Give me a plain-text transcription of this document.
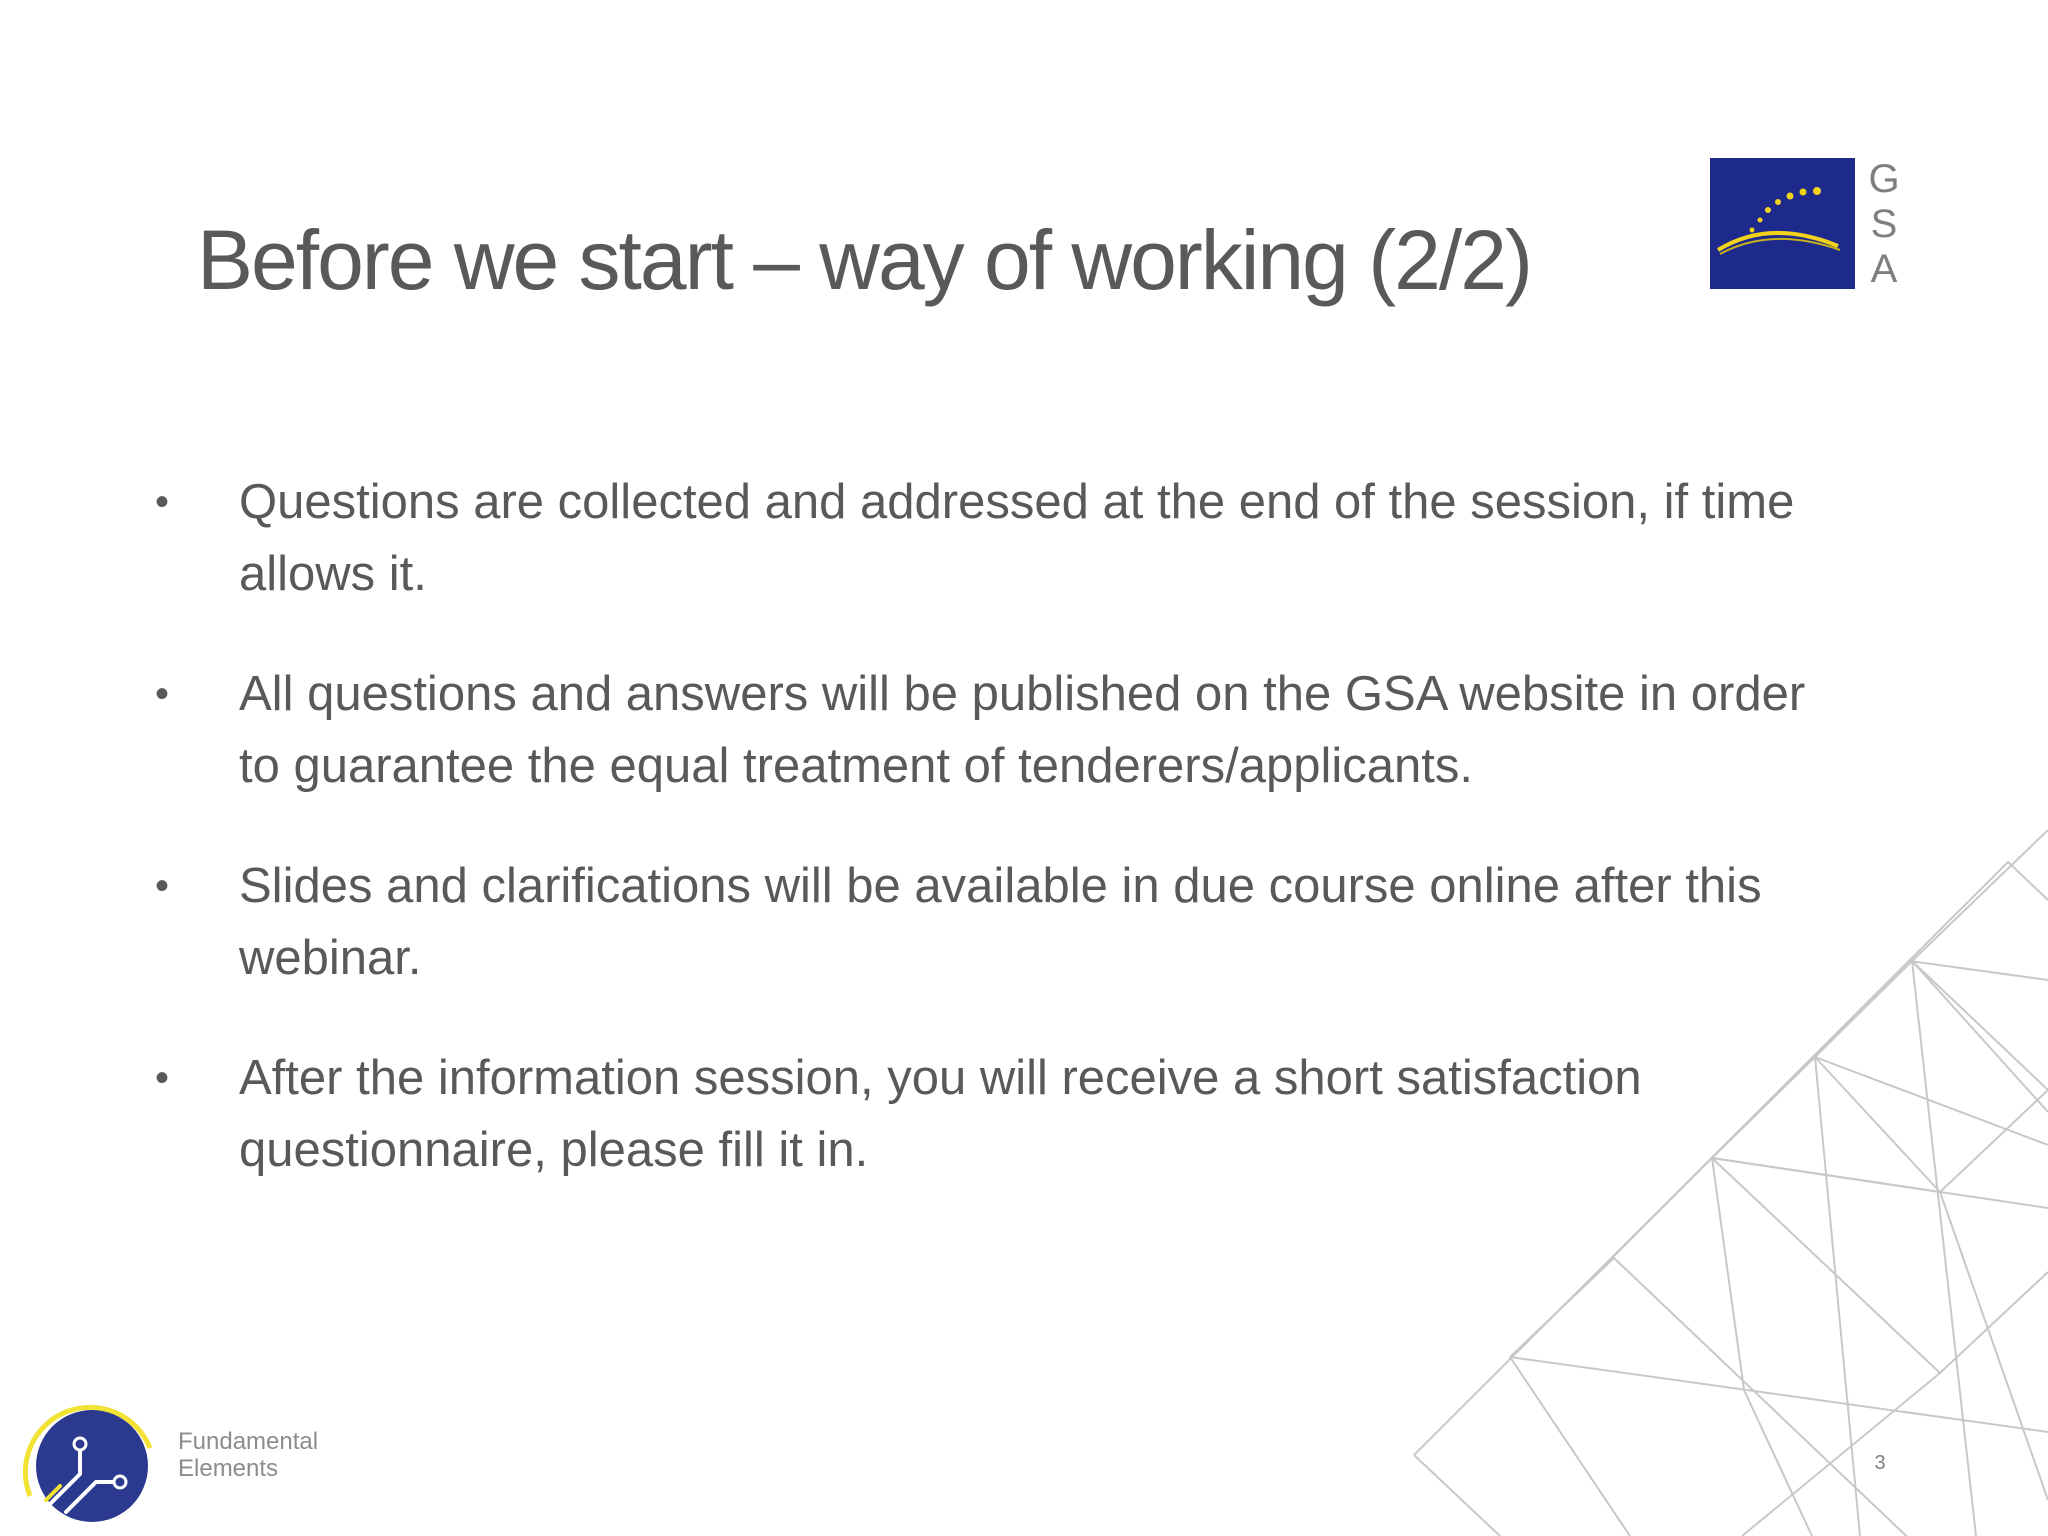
Before we start – way of working (2/2)
G
S
A
•	Questions are collected and addressed at the end of the session, if time allows it.
•	All questions and answers will be published on the GSA website in order to guarantee the equal treatment of tenderers/applicants.
•	Slides and clarifications will be available in due course online after this webinar.
•	After the information session, you will receive a short satisfaction questionnaire, please fill it in.
Fundamental
Elements	3
